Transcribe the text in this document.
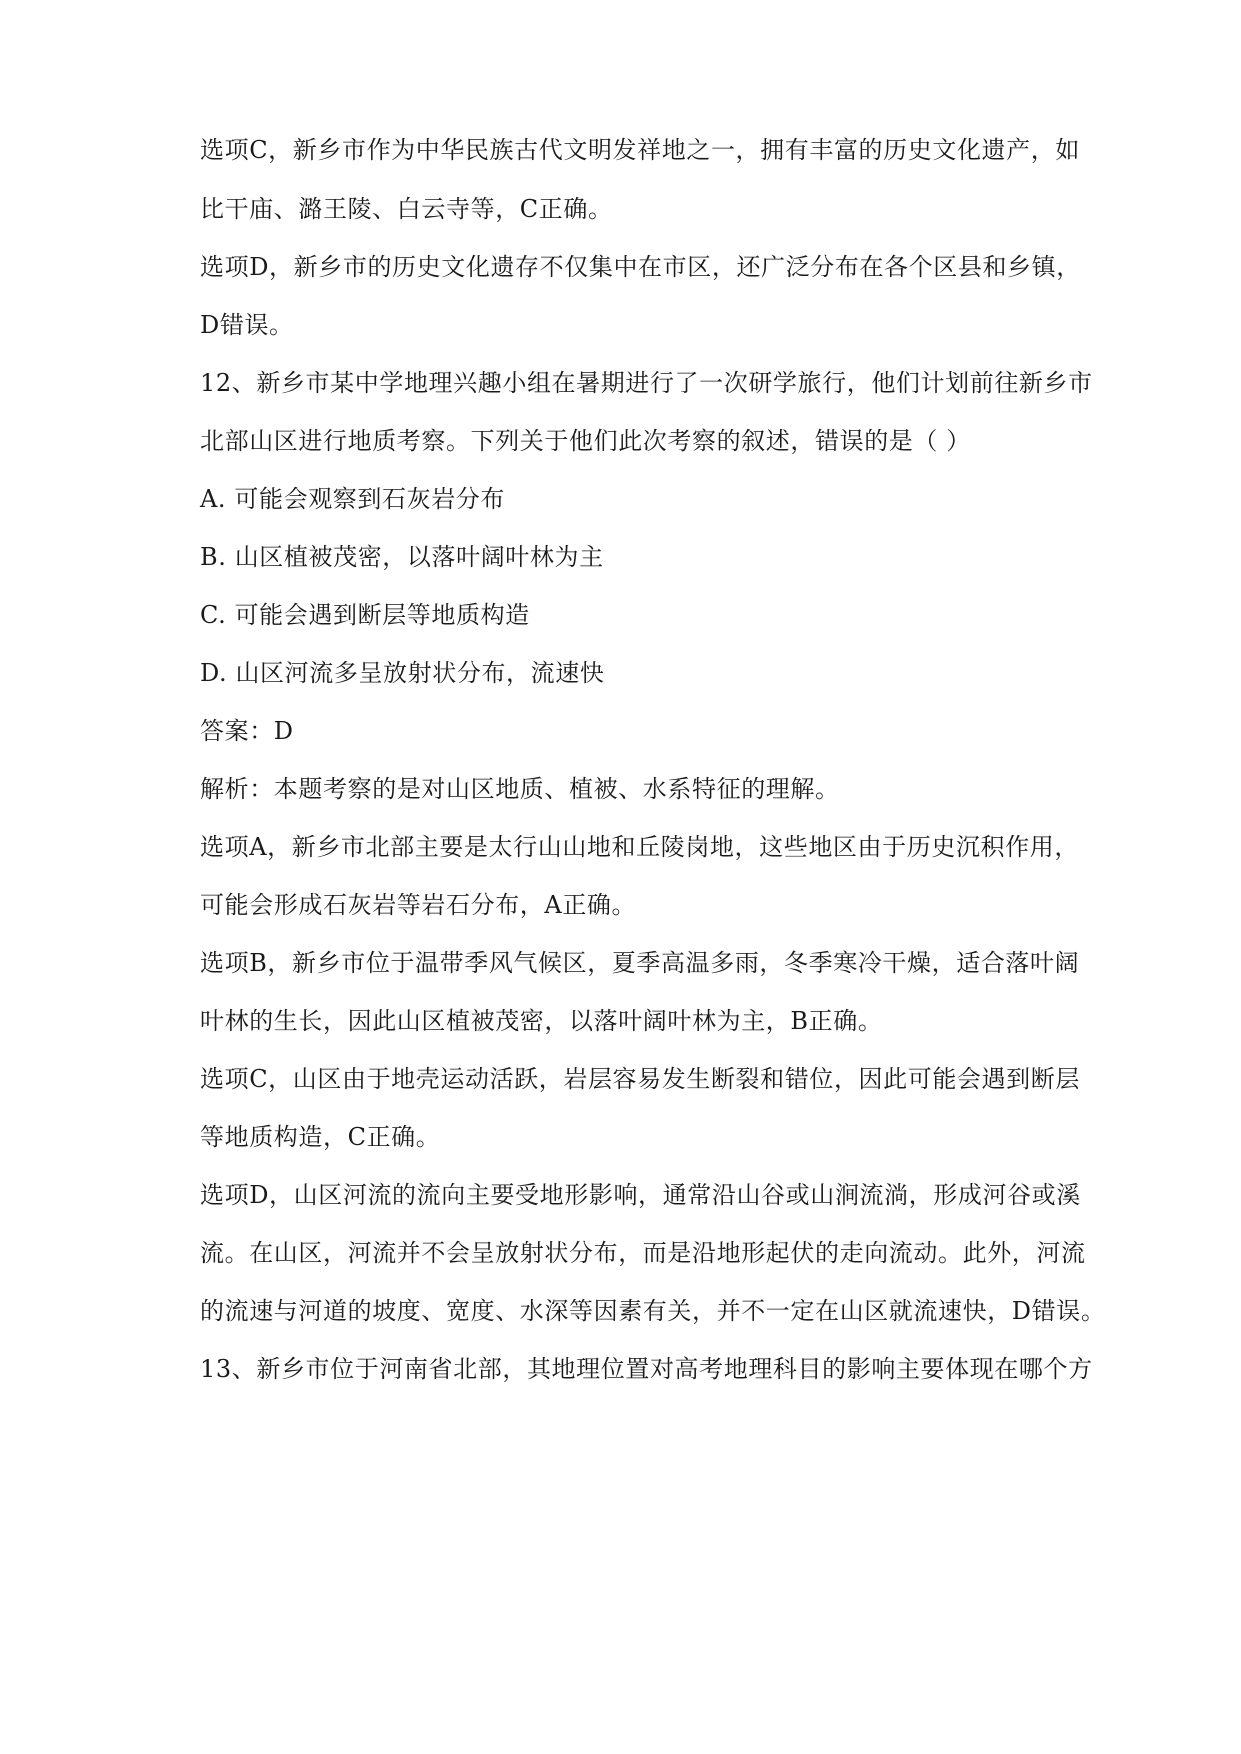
选项C，新乡市作为中华民族古代文明发祥地之一，拥有丰富的历史文化遗产，如
比干庙、潞王陵、白云寺等，C正确。
选项D，新乡市的历史文化遗存不仅集中在市区，还广泛分布在各个区县和乡镇，
D错误。
12、新乡市某中学地理兴趣小组在暑期进行了一次研学旅行，他们计划前往新乡市
北部山区进行地质考察。下列关于他们此次考察的叙述，错误的是（ ）
A. 可能会观察到石灰岩分布
B. 山区植被茂密，以落叶阔叶林为主
C. 可能会遇到断层等地质构造
D. 山区河流多呈放射状分布，流速快
答案：D
解析：本题考察的是对山区地质、植被、水系特征的理解。
选项A，新乡市北部主要是太行山山地和丘陵岗地，这些地区由于历史沉积作用，
可能会形成石灰岩等岩石分布，A正确。
选项B，新乡市位于温带季风气候区，夏季高温多雨，冬季寒冷干燥，适合落叶阔
叶林的生长，因此山区植被茂密，以落叶阔叶林为主，B正确。
选项C，山区由于地壳运动活跃，岩层容易发生断裂和错位，因此可能会遇到断层
等地质构造，C正确。
选项D，山区河流的流向主要受地形影响，通常沿山谷或山涧流淌，形成河谷或溪
流。在山区，河流并不会呈放射状分布，而是沿地形起伏的走向流动。此外，河流
的流速与河道的坡度、宽度、水深等因素有关，并不一定在山区就流速快，D错误。
13、新乡市位于河南省北部，其地理位置对高考地理科目的影响主要体现在哪个方
